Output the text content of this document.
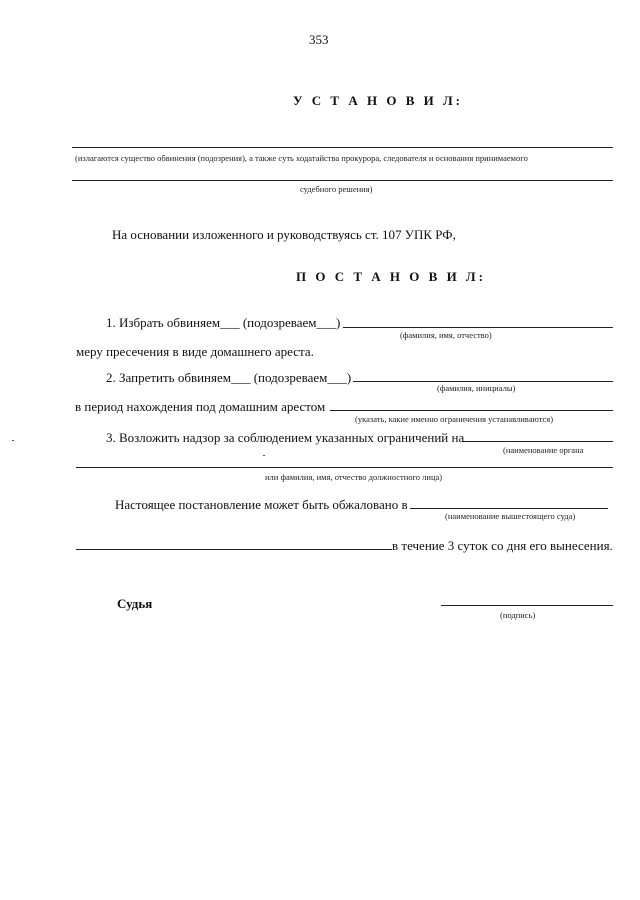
353
У С Т А Н О В И Л:
(излагаются существо обвинения (подозрения), а также суть ходатайства прокурора, следователя и основания принимаемого
судебного решения)
На основании изложенного и руководствуясь ст. 107 УПК РФ,
П О С Т А Н О В И Л:
1. Избрать обвиняем___ (подозреваем___)
(фамилия, имя, отчество)
меру пресечения в виде домашнего ареста.
2. Запретить обвиняем___ (подозреваем___)
(фамилия, инициалы)
в период нахождения под домашним арестом
(указать, какие именно ограничения устанавливаются)
3. Возложить надзор за соблюдением указанных ограничений на
(наименование органа
или фамилия, имя, отчество должностного лица)
Настоящее постановление может быть обжаловано в
(наименование вышестоящего суда)
в течение 3 суток со дня его вынесения.
Судья
(подпись)
